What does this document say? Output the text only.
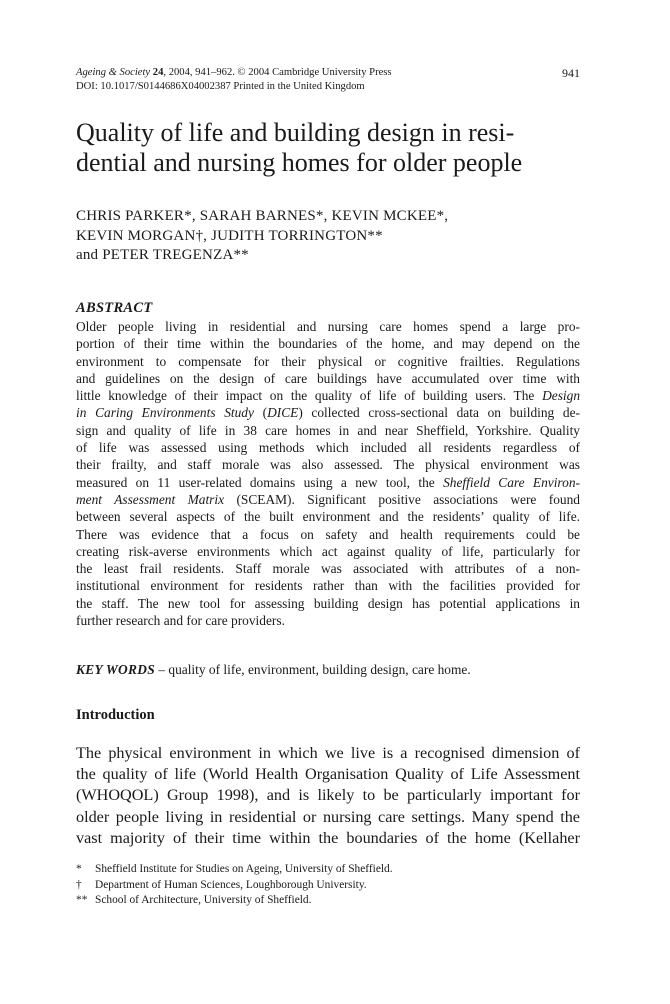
Ageing & Society 24, 2004, 941–962. © 2004 Cambridge University Press
DOI: 10.1017/S0144686X04002387 Printed in the United Kingdom
941
Quality of life and building design in resi-
dential and nursing homes for older people
CHRIS PARKER*, SARAH BARNES*, KEVIN MCKEE*,
KEVIN MORGAN†, JUDITH TORRINGTON**
and PETER TREGENZA**
ABSTRACT
Older people living in residential and nursing care homes spend a large pro-
portion of their time within the boundaries of the home, and may depend on the
environment to compensate for their physical or cognitive frailties. Regulations
and guidelines on the design of care buildings have accumulated over time with
little knowledge of their impact on the quality of life of building users. The Design
in Caring Environments Study (DICE) collected cross-sectional data on building de-
sign and quality of life in 38 care homes in and near Sheffield, Yorkshire. Quality
of life was assessed using methods which included all residents regardless of
their frailty, and staff morale was also assessed. The physical environment was
measured on 11 user-related domains using a new tool, the Sheffield Care Environ-
ment Assessment Matrix (SCEAM). Significant positive associations were found
between several aspects of the built environment and the residents’ quality of life.
There was evidence that a focus on safety and health requirements could be
creating risk-averse environments which act against quality of life, particularly for
the least frail residents. Staff morale was associated with attributes of a non-
institutional environment for residents rather than with the facilities provided for
the staff. The new tool for assessing building design has potential applications in
further research and for care providers.
KEY WORDS – quality of life, environment, building design, care home.
Introduction
The physical environment in which we live is a recognised dimension of
the quality of life (World Health Organisation Quality of Life Assessment
(WHOQOL) Group 1998), and is likely to be particularly important for
older people living in residential or nursing care settings. Many spend the
vast majority of their time within the boundaries of the home (Kellaher
* Sheffield Institute for Studies on Ageing, University of Sheffield.
† Department of Human Sciences, Loughborough University.
** School of Architecture, University of Sheffield.
